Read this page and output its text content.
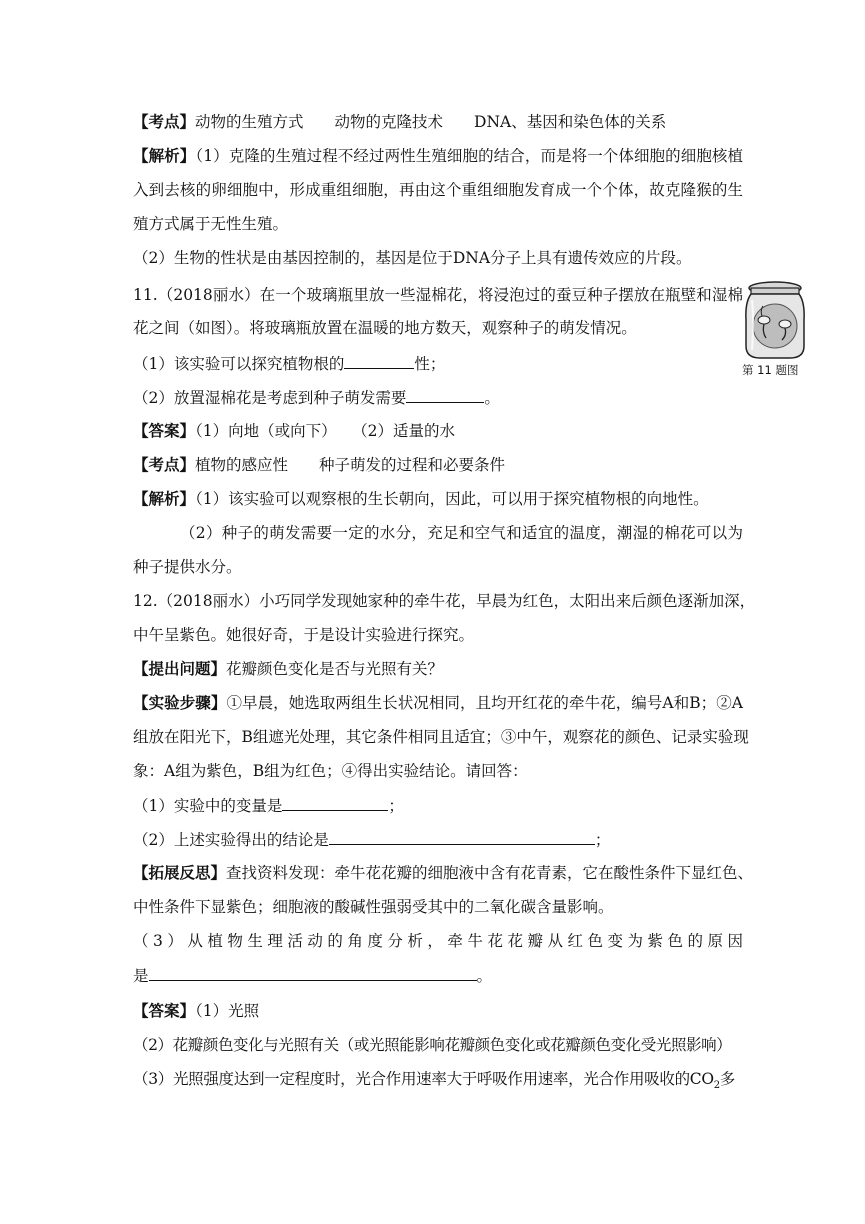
【考点】动物的生殖方式　　动物的克隆技术　　DNA、基因和染色体的关系
【解析】（1）克隆的生殖过程不经过两性生殖细胞的结合，而是将一个体细胞的细胞核植
入到去核的卵细胞中，形成重组细胞，再由这个重组细胞发育成一个个体，故克隆猴的生
殖方式属于无性生殖。
（2）生物的性状是由基因控制的，基因是位于DNA分子上具有遗传效应的片段。
11.（2018丽水）在一个玻璃瓶里放一些湿棉花，将浸泡过的蚕豆种子摆放在瓶壁和湿棉
花之间（如图）。将玻璃瓶放置在温暖的地方数天，观察种子的萌发情况。
第 11 题图
（1）该实验可以探究植物根的	性；
（2）放置湿棉花是考虑到种子萌发需要	。
【答案】（1）向地（或向下）　　（2）适量的水
【考点】植物的感应性　　种子萌发的过程和必要条件
【解析】（1）该实验可以观察根的生长朝向，因此，可以用于探究植物根的向地性。
（2）种子的萌发需要一定的水分，充足和空气和适宜的温度，潮湿的棉花可以为
种子提供水分。
12.（2018丽水）小巧同学发现她家种的牵牛花，早晨为红色，太阳出来后颜色逐渐加深，
中午呈紫色。她很好奇，于是设计实验进行探究。
【提出问题】花瓣颜色变化是否与光照有关？
【实验步骤】①早晨，她选取两组生长状况相同，且均开红花的牵牛花，编号A和B；②A
组放在阳光下，B组遮光处理，其它条件相同且适宜；③中午，观察花的颜色、记录实验现
象：A组为紫色，B组为红色；④得出实验结论。请回答：
（1）实验中的变量是	；
（2）上述实验得出的结论是	；
【拓展反思】查找资料发现：牵牛花花瓣的细胞液中含有花青素，它在酸性条件下显红色、
中性条件下显紫色；细胞液的酸碱性强弱受其中的二氧化碳含量影响。
（3）从植物生理活动的角度分析，牵牛花花瓣从红色变为紫色的原因
是	。
【答案】（1）光照
（2）花瓣颜色变化与光照有关（或光照能影响花瓣颜色变化或花瓣颜色变化受光照影响）
（3）光照强度达到一定程度时，光合作用速率大于呼吸作用速率，光合作用吸收的$CO_2$多
